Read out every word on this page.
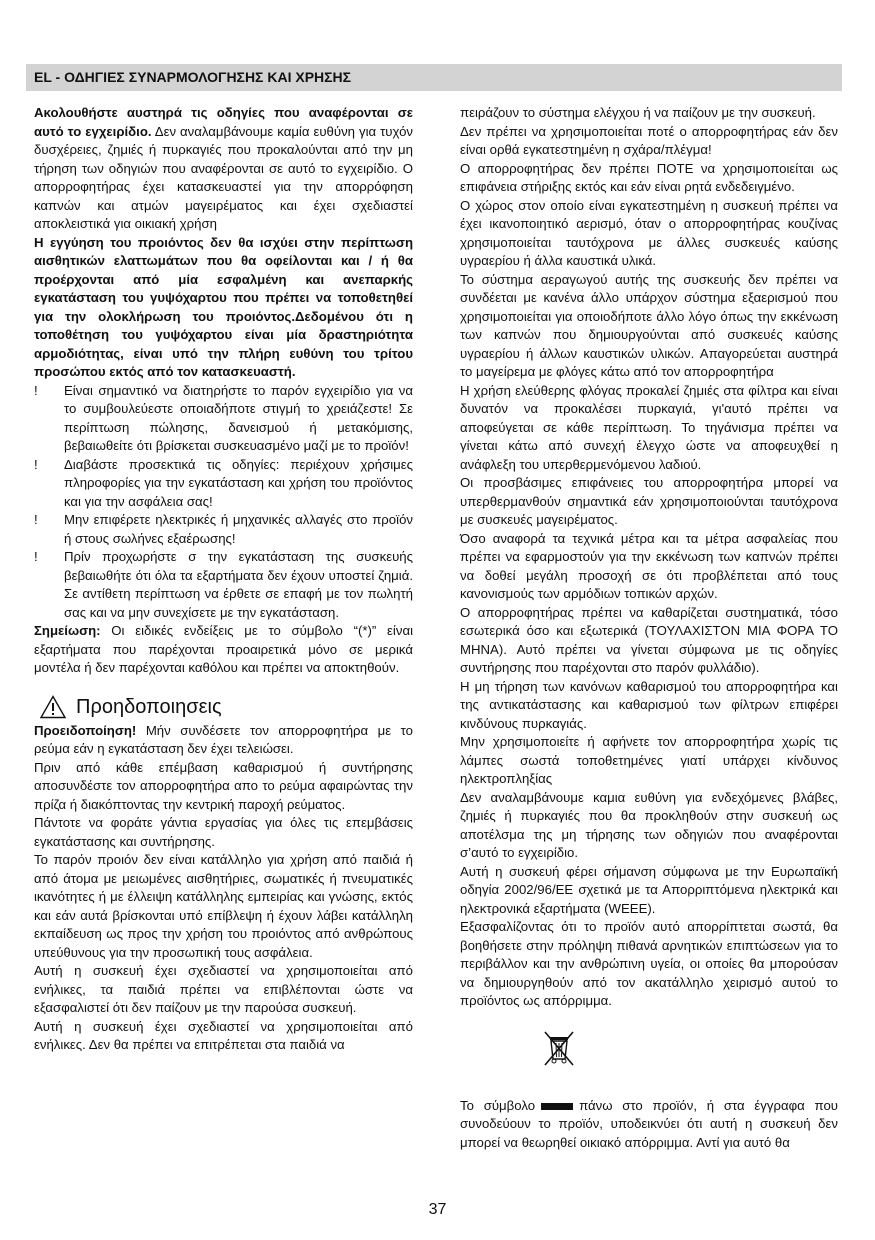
EL - ΟΔΗΓΙΕΣ ΣΥΝΑΡΜΟΛΟΓΗΣΗΣ ΚΑΙ ΧΡΗΣΗΣ

Ακολουθήστε αυστηρά τις οδηγίες που αναφέρονται σε αυτό το εγχειρίδιο. Δεν αναλαμβάνουμε καμία ευθύνη για τυχόν δυσχέρειες, ζημιές ή πυρκαγιές που προκαλούνται από την μη τήρηση των οδηγιών που αναφέρονται σε αυτό το εγχειρίδιο. Ο απορροφητήρας έχει κατασκευαστεί για την απορρόφηση καπνών και ατμών μαγειρέματος και έχει σχεδιαστεί αποκλειστικά για οικιακή χρήση

Η εγγύηση του προιόντος δεν θα ισχύει στην περίπτωση αισθητικών ελαττωμάτων που θα οφείλονται και / ή θα προέρχονται από μία εσφαλμένη και ανεπαρκής εγκατάσταση του γυψόχαρτου που πρέπει να τοποθετηθεί για την ολοκλήρωση του προιόντος.Δεδομένου ότι η τοποθέτηση του γυψόχαρτου είναι μία δραστηριότητα αρμοδιότητας, είναι υπό την πλήρη ευθύνη του τρίτου προσώπου εκτός από τον κατασκευαστή.

!	Είναι σημαντικό να διατηρήστε το παρόν εγχειρίδιο για να το συμβουλεύεστε οποιαδήποτε στιγμή το χρειάζεστε! Σε περίπτωση πώλησης, δανεισμού ή μετακόμισης, βεβαιωθείτε ότι βρίσκεται συσκευασμένο μαζί με το προϊόν!
!	Διαβάστε προσεκτικά τις οδηγίες: περιέχουν χρήσιμες πληροφορίες για την εγκατάσταση και χρήση του προϊόντος και για την ασφάλεια σας!
!	Μην επιφέρετε ηλεκτρικές ή μηχανικές αλλαγές στο προϊόν ή στους σωλήνες εξαέρωσης!
!	Πρίν προχωρήστε σ την εγκατάσταση της συσκευής βεβαιωθήτε ότι όλα τα εξαρτήματα δεν έχουν υποστεί ζημιά. Σε αντίθετη περίπτωση να έρθετε σε επαφή με τον πωλητή σας και να μην συνεχίσετε με την εγκατάσταση.

Σημείωση: Οι ειδικές ενδείξεις με το σύμβολο “(*)” είναι εξαρτήματα που παρέχονται προαιρετικά μόνο σε μερικά μοντέλα ή δεν παρέχονται καθόλου και πρέπει να αποκτηθούν.

Προηδοποιησεις

Προειδοποίηση! Μήν συνδέσετε τον απορροφητήρα με το ρεύμα εάν η εγκατάσταση δεν έχει τελειώσει.

Πριν από κάθε επέμβαση καθαρισμού ή συντήρησης αποσυνδέστε τον απορροφητήρα απο το ρεύμα αφαιρώντας την πρίζα ή διακόπτοντας την κεντρική παροχή ρεύματος.

Πάντοτε να φοράτε γάντια εργασίας για όλες τις επεμβάσεις εγκατάστασης και συντήρησης.

Το παρόν προιόν δεν είναι κατάλληλο για χρήση από παιδιά ή από άτομα με μειωμένες αισθητήριες, σωματικές ή πνευματικές ικανότητες ή με έλλειψη κατάλληλης εμπειρίας και γνώσης, εκτός και εάν αυτά βρίσκονται υπό επίβλεψη ή έχουν λάβει κατάλληλη εκπαίδευση ως προς την χρήση του προιόντος από ανθρώπους υπεύθυνους για την προσωπική τους ασφάλεια.

Αυτή η συσκευή έχει σχεδιαστεί να χρησιμοποιείται από ενήλικες, τα παιδιά πρέπει να επιβλέπονται ώστε να εξασφαλιστεί ότι δεν παίζουν με την παρούσα συσκευή.

Αυτή η συσκευή έχει σχεδιαστεί να χρησιμοποιείται από ενήλικες. Δεν θα πρέπει να επιτρέπεται στα παιδιά να

πειράζουν το σύστημα ελέγχου ή να παίζουν με την συσκευή.

Δεν πρέπει να χρησιμοποιείται ποτέ ο απορροφητήρας εάν δεν είναι ορθά εγκατεστημένη η σχάρα/πλέγμα!

Ο απορροφητήρας δεν πρέπει ΠΟΤΕ να χρησιμοποιείται ως επιφάνεια στήριξης εκτός και εάν είναι ρητά ενδεδειγμένο.

Ο χώρος στον οποίο είναι εγκατεστημένη η συσκευή πρέπει να έχει ικανοποιητικό αερισμό, όταν ο απορροφητήρας κουζίνας χρησιμοποιείται ταυτόχρονα με άλλες συσκευές καύσης υγραερίου ή άλλα καυστικά υλικά.

Το σύστημα αεραγωγού αυτής της συσκευής δεν πρέπει να συνδέεται με κανένα άλλο υπάρχον σύστημα εξαερισμού που χρησιμοποιείται για οποιοδήποτε άλλο λόγο όπως την εκκένωση των καπνών που δημιουργούνται από συσκευές καύσης υγραερίου ή άλλων καυστικών υλικών. Απαγορεύεται αυστηρά το μαγείρεμα με φλόγες κάτω από τον απορροφητήρα

Η χρήση ελεύθερης φλόγας προκαλεί ζημιές στα φίλτρα και είναι δυνατόν να προκαλέσει πυρκαγιά, γι'αυτό πρέπει να αποφεύγεται σε κάθε περίπτωση. Το τηγάνισμα πρέπει να γίνεται κάτω από συνεχή έλεγχο ώστε να αποφευχθεί η ανάφλεξη του υπερθερμενόμενου λαδιού.

Οι προσβάσιμες επιφάνειες του απορροφητήρα μπορεί να υπερθερμανθούν σημαντικά εάν χρησιμοποιούνται ταυτόχρονα με συσκευές μαγειρέματος.

Όσο αναφορά τα τεχνικά μέτρα και τα μέτρα ασφαλείας που πρέπει να εφαρμοστούν για την εκκένωση των καπνών πρέπει να δοθεί μεγάλη προσοχή σε ότι προβλέπεται από τους κανονισμούς των αρμόδιων τοπικών αρχών.

Ο απορροφητήρας πρέπει να καθαρίζεται συστηματικά, τόσο εσωτερικά όσο και εξωτερικά (ΤΟΥΛΑΧΙΣΤΟΝ ΜΙΑ ΦΟΡΑ ΤΟ ΜΗΝΑ). Αυτό πρέπει να γίνεται σύμφωνα με τις οδηγίες συντήρησης που παρέχονται στο παρόν φυλλάδιο).

Η μη τήρηση των κανόνων καθαρισμού του απορροφητήρα και της αντικατάστασης και καθαρισμού των φίλτρων επιφέρει κινδύνους πυρκαγιάς.

Μην χρησιμοποιείτε ή αφήνετε τον απορροφητήρα χωρίς τις λάμπες σωστά τοποθετημένες γιατί υπάρχει κίνδυνος ηλεκτροπληξίας

Δεν αναλαμβάνουμε καμια ευθύνη για ενδεχόμενες βλάβες, ζημιές ή πυρκαγιές που θα προκληθούν στην συσκευή ως αποτέλσμα της μη τήρησης των οδηγιών που αναφέρονται σ’αυτό το εγχειρίδιο.

Αυτή η συσκευή φέρει σήμανση σύμφωνα με την Ευρωπαϊκή οδηγία 2002/96/ΕΕ σχετικά με τα Απορριπτόμενα ηλεκτρικά και ηλεκτρονικά εξαρτήματα (WEEE).

Εξασφαλίζοντας ότι το προϊόν αυτό απορρίπτεται σωστά, θα βοηθήσετε στην πρόληψη πιθανά αρνητικών επιπτώσεων για το περιβάλλον και την ανθρώπινη υγεία, οι οποίες θα μπορούσαν να δημιουργηθούν από τον ακατάλληλο χειρισμό αυτού το προϊόντος ως απόρριμμα.

Το σύμβολο	πάνω στο προϊόν, ή στα έγγραφα που συνοδεύουν το προϊόν, υποδεικνύει ότι αυτή η συσκευή δεν μπορεί να θεωρηθεί οικιακό απόρριμμα. Αντί για αυτό θα

37
